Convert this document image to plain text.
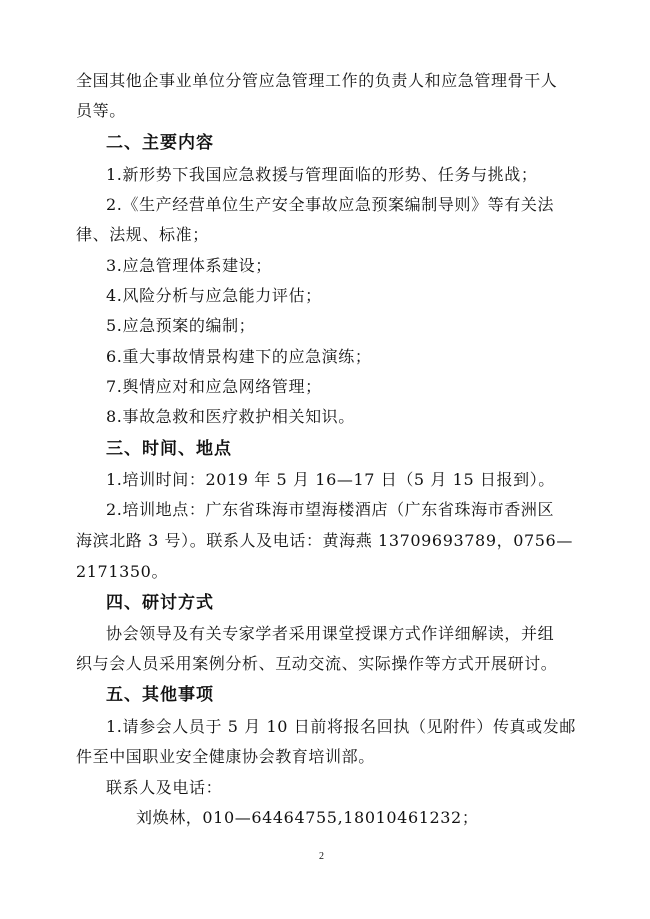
全国其他企事业单位分管应急管理工作的负责人和应急管理骨干人
员等。
二、主要内容
1.新形势下我国应急救援与管理面临的形势、任务与挑战；
2.《生产经营单位生产安全事故应急预案编制导则》等有关法
律、法规、标准；
3.应急管理体系建设；
4.风险分析与应急能力评估；
5.应急预案的编制；
6.重大事故情景构建下的应急演练；
7.舆情应对和应急网络管理；
8.事故急救和医疗救护相关知识。
三、时间、地点
1.培训时间：2019 年 5 月 16—17 日（5 月 15 日报到）。
2.培训地点：广东省珠海市望海楼酒店（广东省珠海市香洲区
海滨北路 3 号）。联系人及电话：黄海燕 13709693789，0756—
2171350。
四、研讨方式
协会领导及有关专家学者采用课堂授课方式作详细解读，并组
织与会人员采用案例分析、互动交流、实际操作等方式开展研讨。
五、其他事项
1.请参会人员于 5 月 10 日前将报名回执（见附件）传真或发邮
件至中国职业安全健康协会教育培训部。
联系人及电话：
刘焕林，010—64464755,18010461232；
2
